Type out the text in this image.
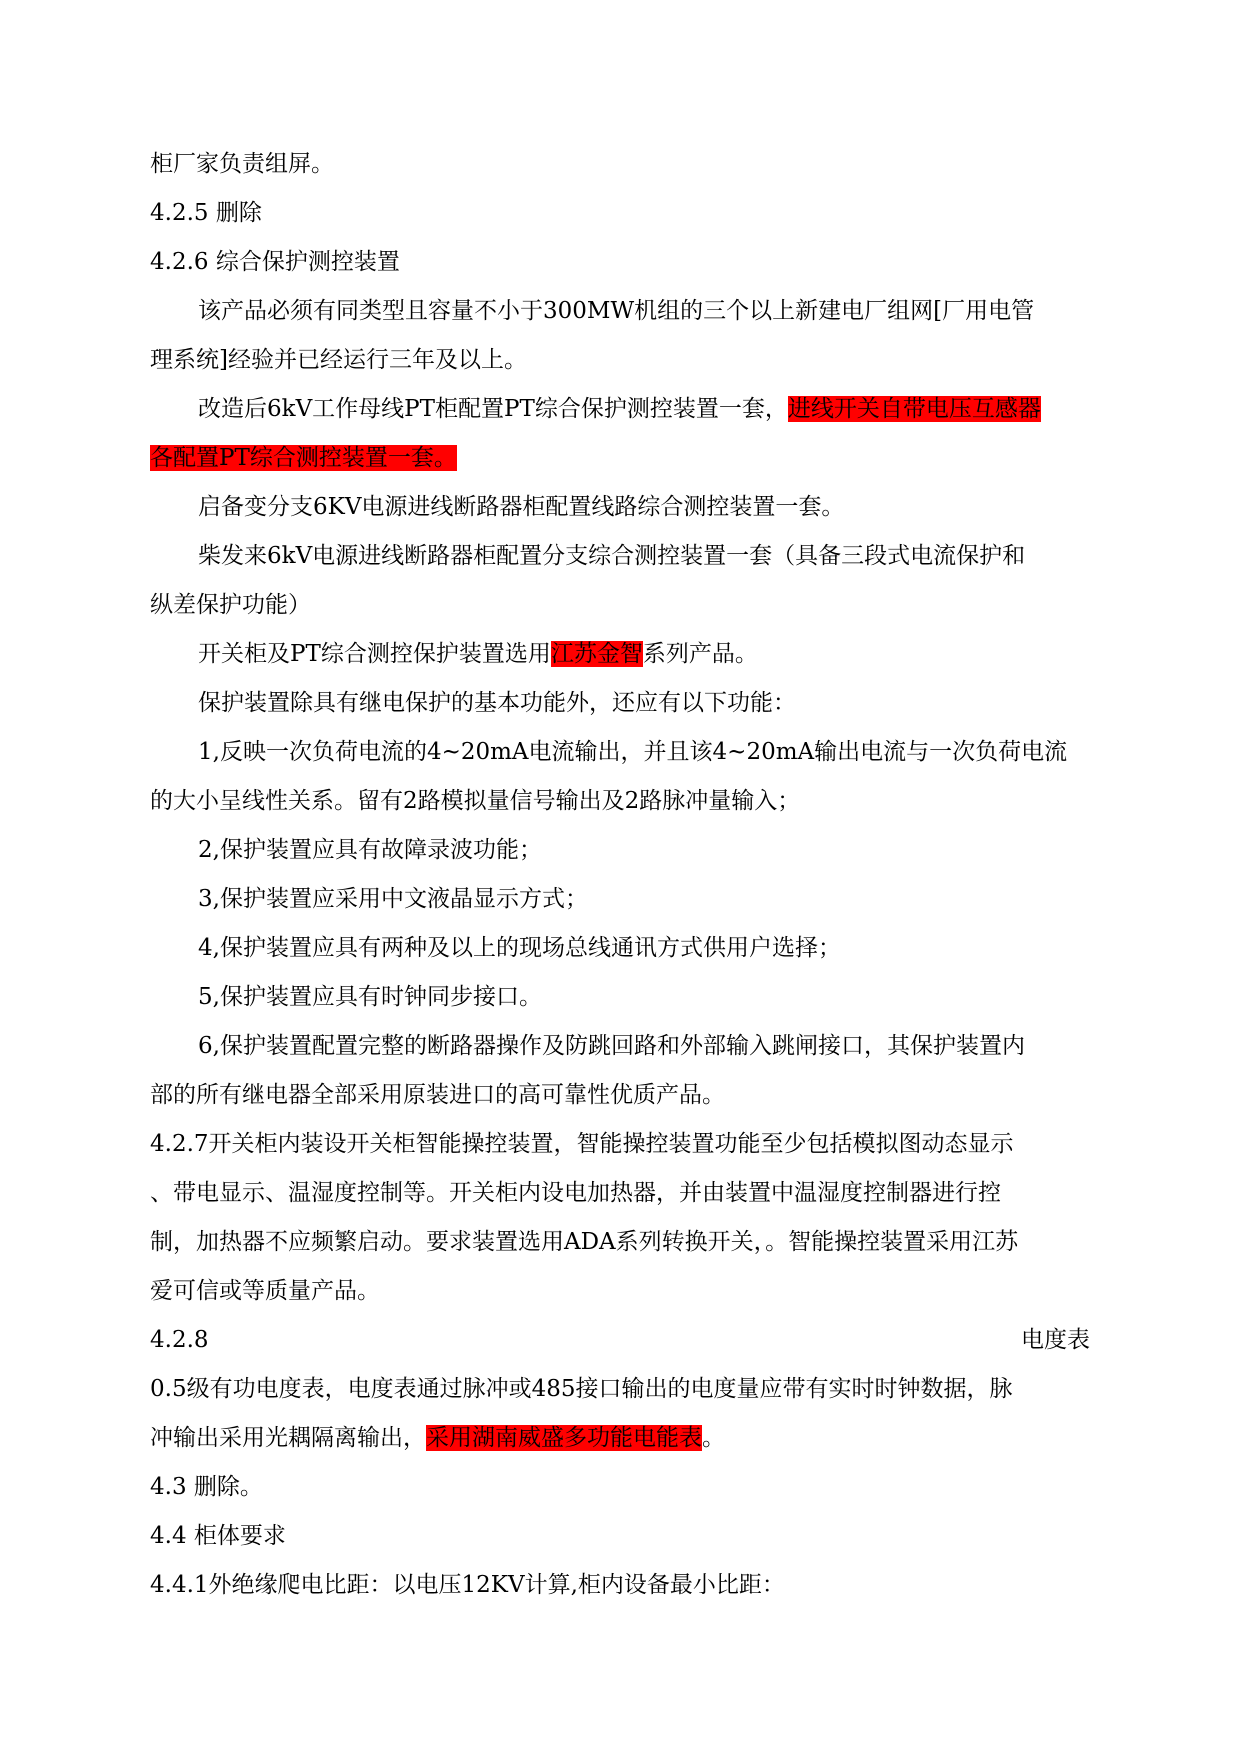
柜厂家负责组屏。
4.2.5 删除
4.2.6 综合保护测控装置
该产品必须有同类型且容量不小于300MW机组的三个以上新建电厂组网[厂用电管
理系统]经验并已经运行三年及以上。
改造后6kV工作母线PT柜配置PT综合保护测控装置一套，进线开关自带电压互感器
各配置PT综合测控装置一套。
启备变分支6KV电源进线断路器柜配置线路综合测控装置一套。
柴发来6kV电源进线断路器柜配置分支综合测控装置一套（具备三段式电流保护和
纵差保护功能）
开关柜及PT综合测控保护装置选用江苏金智系列产品。
保护装置除具有继电保护的基本功能外，还应有以下功能：
1,反映一次负荷电流的4~20mA电流输出，并且该4~20mA输出电流与一次负荷电流
的大小呈线性关系。留有2路模拟量信号输出及2路脉冲量输入；
2,保护装置应具有故障录波功能；
3,保护装置应采用中文液晶显示方式；
4,保护装置应具有两种及以上的现场总线通讯方式供用户选择；
5,保护装置应具有时钟同步接口。
6,保护装置配置完整的断路器操作及防跳回路和外部输入跳闸接口，其保护装置内
部的所有继电器全部采用原装进口的高可靠性优质产品。
4.2.7开关柜内装设开关柜智能操控装置，智能操控装置功能至少包括模拟图动态显示
、带电显示、温湿度控制等。开关柜内设电加热器，并由装置中温湿度控制器进行控
制，加热器不应频繁启动。要求装置选用ADA系列转换开关，。智能操控装置采用江苏
爱可信或等质量产品。
4.2.8	电度表
0.5级有功电度表，电度表通过脉冲或485接口输出的电度量应带有实时时钟数据，脉
冲输出采用光耦隔离输出，采用湖南威盛多功能电能表。
4.3 删除。
4.4 柜体要求
4.4.1外绝缘爬电比距：以电压12KV计算,柜内设备最小比距：
